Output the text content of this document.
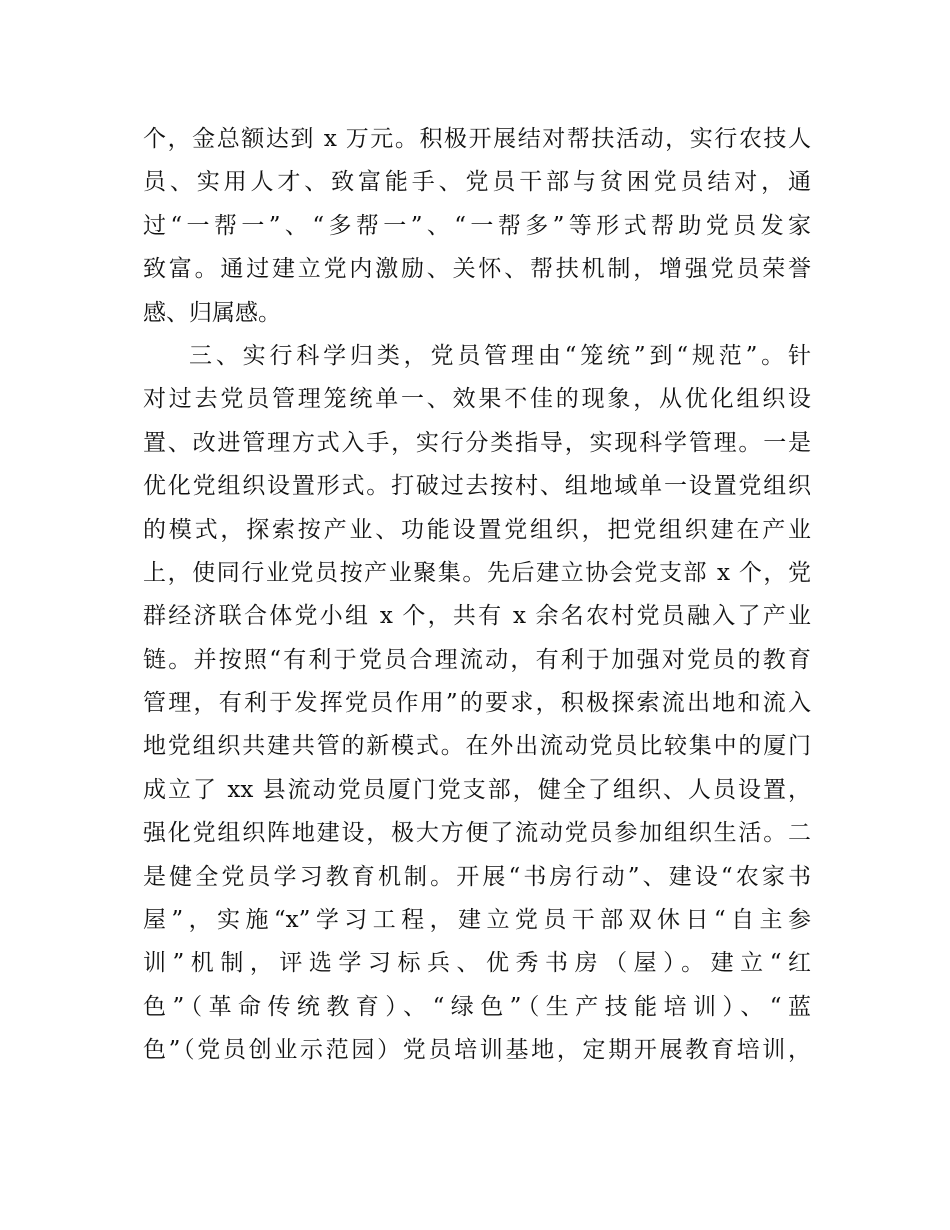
个，金总额达到 x 万元。积极开展结对帮扶活动，实行农技人
员、实用人才、致富能手、党员干部与贫困党员结对，通
过“一帮一”、“多帮一”、“一帮多”等形式帮助党员发家
致富。通过建立党内激励、关怀、帮扶机制，增强党员荣誉
感、归属感。
三、实行科学归类，党员管理由“笼统”到“规范”。针
对过去党员管理笼统单一、效果不佳的现象，从优化组织设
置、改进管理方式入手，实行分类指导，实现科学管理。一是
优化党组织设置形式。打破过去按村、组地域单一设置党组织
的模式，探索按产业、功能设置党组织，把党组织建在产业
上，使同行业党员按产业聚集。先后建立协会党支部 x 个，党
群经济联合体党小组 x 个，共有 x 余名农村党员融入了产业
链。并按照“有利于党员合理流动，有利于加强对党员的教育
管理，有利于发挥党员作用”的要求，积极探索流出地和流入
地党组织共建共管的新模式。在外出流动党员比较集中的厦门
成立了 xx 县流动党员厦门党支部，健全了组织、人员设置，
强化党组织阵地建设，极大方便了流动党员参加组织生活。二
是健全党员学习教育机制。开展“书房行动”、建设“农家书
屋”，实施“x”学习工程，建立党员干部双休日“自主参
训”机制，评选学习标兵、优秀书房（屋）。建立“红
色”（革命传统教育）、“绿色”（生产技能培训）、“蓝
色”（党员创业示范园）党员培训基地，定期开展教育培训，
